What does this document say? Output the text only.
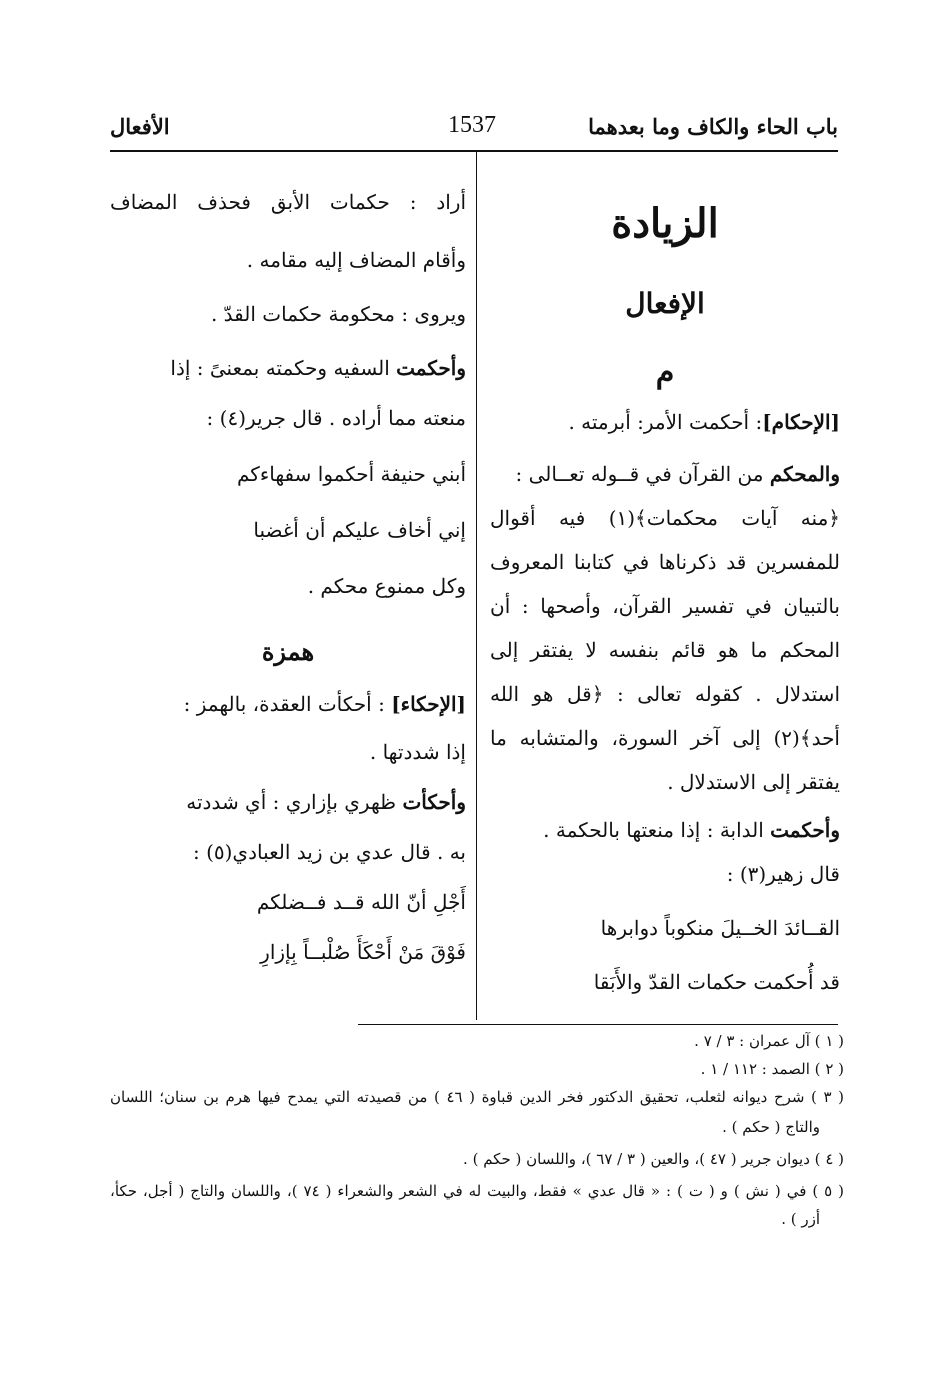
باب الحاء والكاف وما بعدهما
1537
الأفعال
الزيادة
الإفعال
م
[الإحكام]: أحكمت الأمر: أبرمته .
والمحكم من القرآن في قــوله تعــالى :
﴿منه آيات محكمات﴾(١) فيه أقوال
للمفسرين قد ذكرناها في كتابنا المعروف
بالتبيان في تفسير القرآن، وأصحها : أن
المحكم ما هو قائم بنفسه لا يفتقر إلى
استدلال . كقوله تعالى : ﴿قل هو الله
أحد﴾(٢) إلى آخر السورة، والمتشابه ما
يفتقر إلى الاستدلال .
وأحكمت الدابة : إذا منعتها بالحكمة .
قال زهير(٣) :
القــائدَ الخــيلَ منكوباً دوابرها
قد أُحكمت حكمات القدّ والأَبَقا
أراد : حكمات الأبق فحذف المضاف
وأقام المضاف إليه مقامه .
ويروى : محكومة حكمات القدّ .
وأحكمت السفيه وحكمته بمعنىً : إذا
منعته مما أراده . قال جرير(٤) :
أبني حنيفة أحكموا سفهاءكم
إني أخاف عليكم أن أغضبا
وكل ممنوع محكم .
همزة
[الإحكاء] : أحكأت العقدة، بالهمز :
إذا شددتها .
وأحكأت ظهري بإزاري : أي شددته
به . قال عدي بن زيد العبادي(٥) :
أَجْلِ أنّ الله قــد فــضلكم
فَوْقَ مَنْ أَحْكَأَ صُلْبــاً بِإزارِ
( ١ ) آل عمران : ٣ / ٧ .
( ٢ ) الصمد : ١١٢ / ١ .
( ٣ ) شرح ديوانه لثعلب، تحقيق الدكتور فخر الدين قباوة ( ٤٦ ) من قصيدته التي يمدح فيها هرم بن سنان؛ اللسان
والتاج ( حكم ) .
( ٤ ) ديوان جرير ( ٤٧ )، والعين ( ٣ / ٦٧ )، واللسان ( حكم ) .
( ٥ ) في ( نش ) و ( ت ) : « قال عدي » فقط، والبيت له في الشعر والشعراء ( ٧٤ )، واللسان والتاج ( أجل، حكأ،
أزر ) .
